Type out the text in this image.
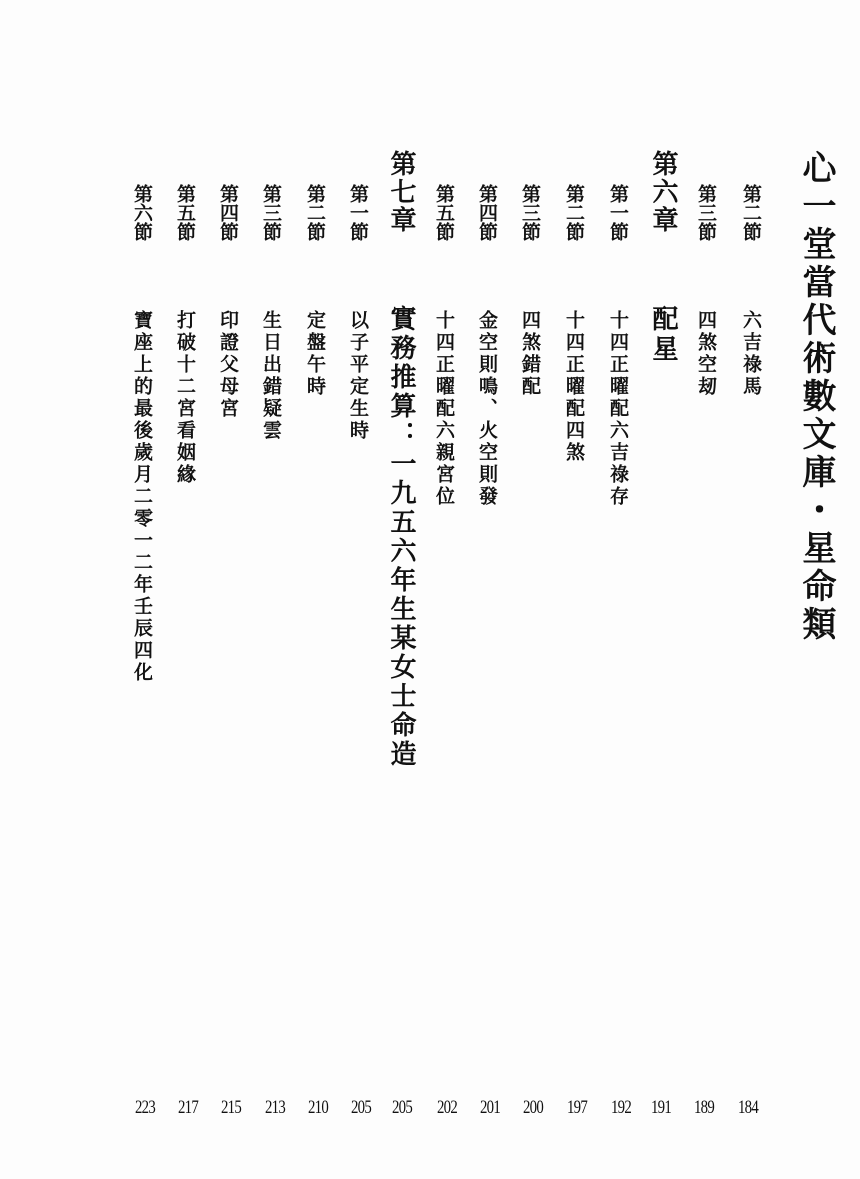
心一堂當代術數文庫・星命類
第二節
六吉祿馬
184
第三節
四煞空刼
189
第六章
配星
191
第一節
十四正曜配六吉祿存
192
第二節
十四正曜配四煞
197
第三節
四煞錯配
200
第四節
金空則鳴、火空則發
201
第五節
十四正曜配六親宮位
202
第七章
實務推算：一九五六年生某女士命造
205
第一節
以子平定生時
205
第二節
定盤午時
210
第三節
生日出錯疑雲
213
第四節
印證父母宮
215
第五節
打破十二宮看姻緣
217
第六節
寶座上的最後歲月二零一二年壬辰四化
223
